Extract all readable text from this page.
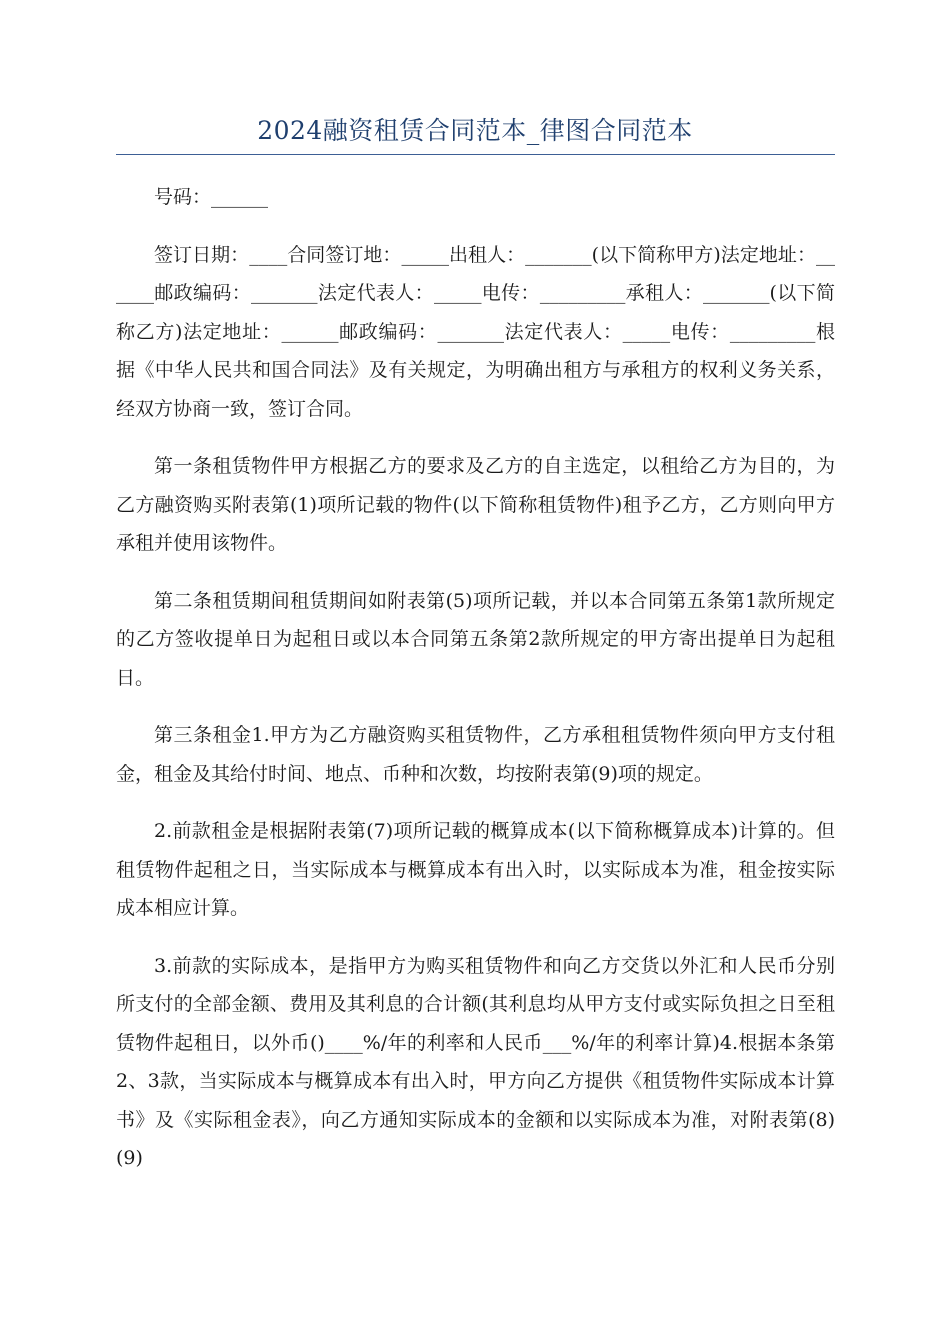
2024融资租赁合同范本_律图合同范本

号码：______

签订日期：____合同签订地：_____出租人：_______(以下简称甲方)法定地址：______邮政编码：_______法定代表人：_____电传：_________承租人：_______(以下简称乙方)法定地址：______邮政编码：_______法定代表人：_____电传：_________根据《中华人民共和国合同法》及有关规定，为明确出租方与承租方的权利义务关系，经双方协商一致，签订合同。

第一条租赁物件甲方根据乙方的要求及乙方的自主选定，以租给乙方为目的，为乙方融资购买附表第(1)项所记载的物件(以下简称租赁物件)租予乙方，乙方则向甲方承租并使用该物件。

第二条租赁期间租赁期间如附表第(5)项所记载，并以本合同第五条第1款所规定的乙方签收提单日为起租日或以本合同第五条第2款所规定的甲方寄出提单日为起租日。

第三条租金1.甲方为乙方融资购买租赁物件，乙方承租租赁物件须向甲方支付租金，租金及其给付时间、地点、币种和次数，均按附表第(9)项的规定。

2.前款租金是根据附表第(7)项所记载的概算成本(以下简称概算成本)计算的。但租赁物件起租之日，当实际成本与概算成本有出入时，以实际成本为准，租金按实际成本相应计算。

3.前款的实际成本，是指甲方为购买租赁物件和向乙方交货以外汇和人民币分别所支付的全部金额、费用及其利息的合计额(其利息均从甲方支付或实际负担之日至租赁物件起租日，以外币()____%/年的利率和人民币___%/年的利率计算)4.根据本条第2、3款，当实际成本与概算成本有出入时，甲方向乙方提供《租赁物件实际成本计算书》及《实际租金表》，向乙方通知实际成本的金额和以实际成本为准，对附表第(8)(9)
